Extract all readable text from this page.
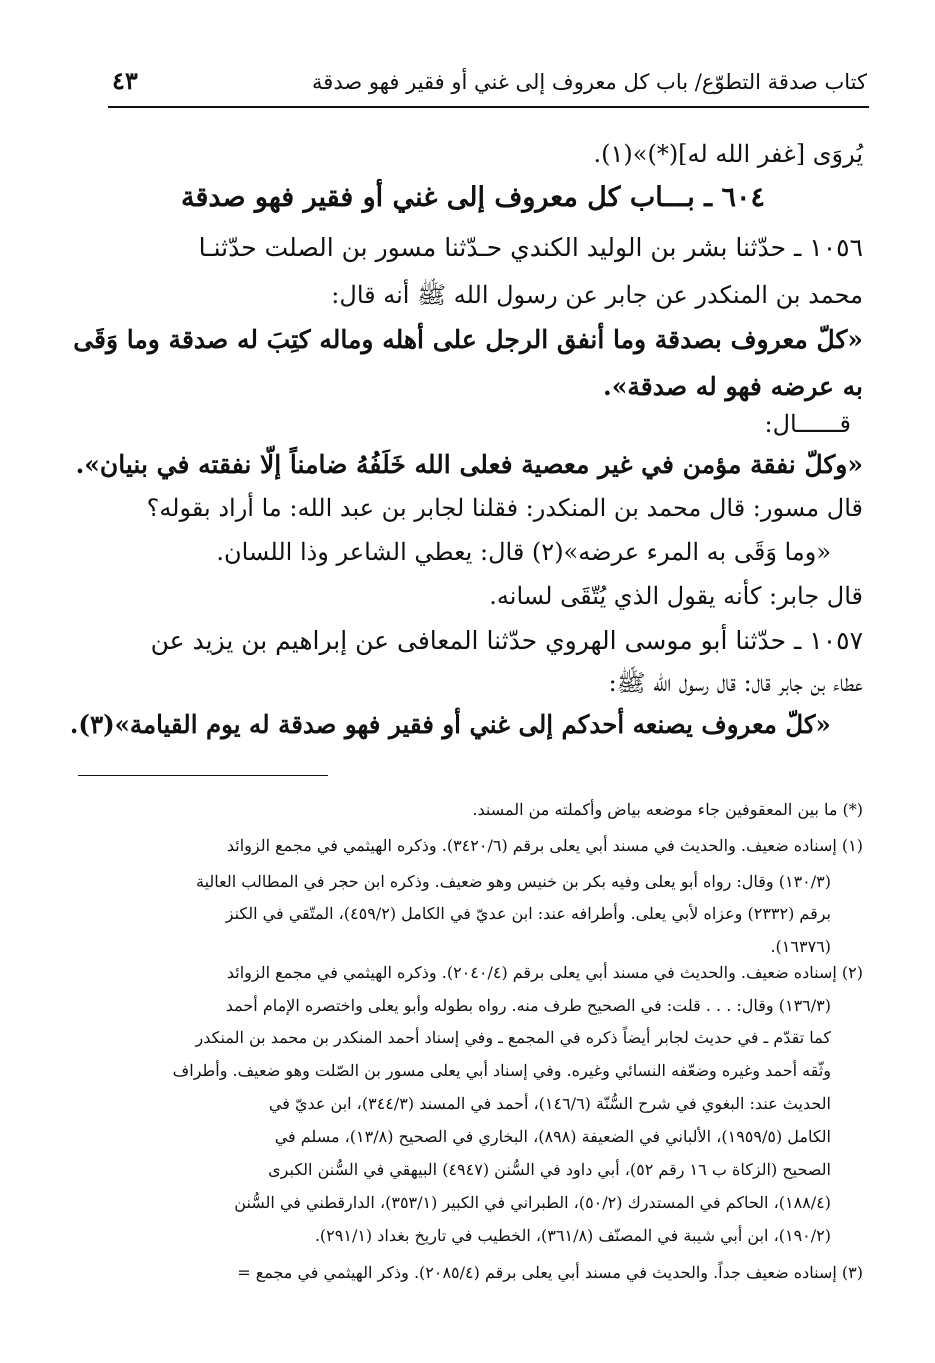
كتاب صدقة التطوّع/ باب كل معروف إلى غني أو فقير فهو صدقة
٤٣
يُروَى [غفر الله له](*)»(١).
٦٠٤ ـ بـــاب كل معروف إلى غني أو فقير فهو صدقة
١٠٥٦ ـ حدّثنا بشر بن الوليد الكندي حـدّثنا مسور بن الصلت حدّثنـا
محمد بن المنكدر عن جابر عن رسول الله ﷺ أنه قال:
«كلّ معروف بصدقة وما أنفق الرجل على أهله وماله كتِبَ له صدقة وما وَقَى
به عرضه فهو له صدقة».
قــــــال:
«وكلّ نفقة مؤمن في غير معصية فعلى الله خَلَفُهُ ضامناً إلّا نفقته في بنيان».
قال مسور: قال محمد بن المنكدر: فقلنا لجابر بن عبد الله: ما أراد بقوله؟
«وما وَقَى به المرء عرضه»(٢) قال: يعطي الشاعر وذا اللسان.
قال جابر: كأنه يقول الذي يُتّقَى لسانه.
١٠٥٧ ـ حدّثنا أبو موسى الهروي حدّثنا المعافى عن إبراهيم بن يزيد عن
عطاء بن جابر قال: قال رسول الله ﷺ:
«كلّ معروف يصنعه أحدكم إلى غني أو فقير فهو صدقة له يوم القيامة»(٣).
(*) ما بين المعقوفين جاء موضعه بياض وأكملته من المسند.
(١) إسناده ضعيف. والحديث في مسند أبي يعلى برقم (٣٤٢٠/٦). وذكره الهيثمي في مجمع الزوائد
(١٣٠/٣) وقال: رواه أبو يعلى وفيه بكر بن خنيس وهو ضعيف. وذكره ابن حجر في المطالب العالية
برقم (٢٣٣٢) وعزاه لأبي يعلى. وأطرافه عند: ابن عديّ في الكامل (٤٥٩/٢)، المتّقي في الكنز
(١٦٣٧٦).
(٢) إسناده ضعيف. والحديث في مسند أبي يعلى برقم (٢٠٤٠/٤). وذكره الهيثمي في مجمع الزوائد
(١٣٦/٣) وقال: . . . قلت: في الصحيح طرف منه. رواه بطوله وأبو يعلى واختصره الإمام أحمد
كما تقدّم ـ في حديث لجابر أيضاً ذكره في المجمع ـ وفي إسناد أحمد المنكدر بن محمد بن المنكدر
وثّقه أحمد وغيره وضعّفه النسائي وغيره. وفي إسناد أبي يعلى مسور بن الصّلت وهو ضعيف. وأطراف
الحديث عند: البغوي في شرح السُّنّة (١٤٦/٦)، أحمد في المسند (٣٤٤/٣)، ابن عديّ في
الكامل (١٩٥٩/٥)، الألباني في الضعيفة (٨٩٨)، البخاري في الصحيح (١٣/٨)، مسلم في
الصحيح (الزكاة ب ١٦ رقم ٥٢)، أبي داود في السُّنن (٤٩٤٧) البيهقي في السُّنن الكبرى
(١٨٨/٤)، الحاكم في المستدرك (٥٠/٢)، الطبراني في الكبير (٣٥٣/١)، الدارقطني في السُّنن
(١٩٠/٢)، ابن أبي شيبة في المصنّف (٣٦١/٨)، الخطيب في تاريخ بغداد (٢٩١/١).
(٣) إسناده ضعيف جداً. والحديث في مسند أبي يعلى برقم (٢٠٨٥/٤). وذكر الهيثمي في مجمع =
